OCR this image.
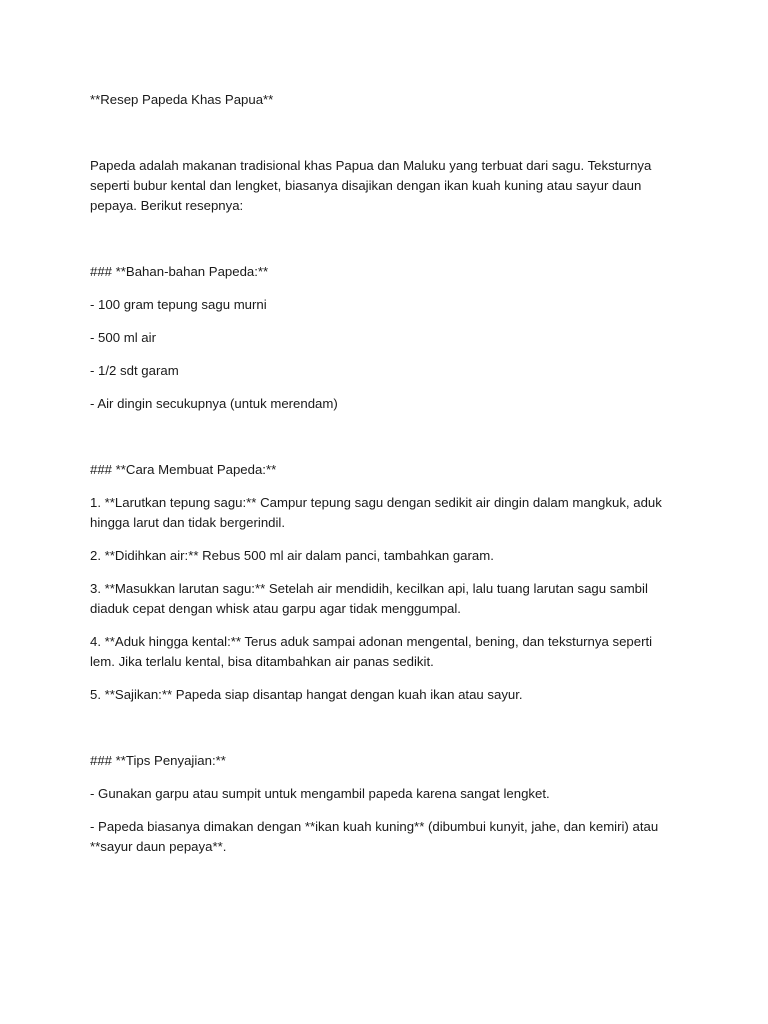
**Resep Papeda Khas Papua**

Papeda adalah makanan tradisional khas Papua dan Maluku yang terbuat dari sagu. Teksturnya seperti bubur kental dan lengket, biasanya disajikan dengan ikan kuah kuning atau sayur daun pepaya. Berikut resepnya:

### **Bahan-bahan Papeda:**

- 100 gram tepung sagu murni

- 500 ml air

- 1/2 sdt garam

- Air dingin secukupnya (untuk merendam)

### **Cara Membuat Papeda:**

1. **Larutkan tepung sagu:** Campur tepung sagu dengan sedikit air dingin dalam mangkuk, aduk hingga larut dan tidak bergerindil.

2. **Didihkan air:** Rebus 500 ml air dalam panci, tambahkan garam.

3. **Masukkan larutan sagu:** Setelah air mendidih, kecilkan api, lalu tuang larutan sagu sambil diaduk cepat dengan whisk atau garpu agar tidak menggumpal.

4. **Aduk hingga kental:** Terus aduk sampai adonan mengental, bening, dan teksturnya seperti lem. Jika terlalu kental, bisa ditambahkan air panas sedikit.

5. **Sajikan:** Papeda siap disantap hangat dengan kuah ikan atau sayur.

### **Tips Penyajian:**

- Gunakan garpu atau sumpit untuk mengambil papeda karena sangat lengket.

- Papeda biasanya dimakan dengan **ikan kuah kuning** (dibumbui kunyit, jahe, dan kemiri) atau **sayur daun pepaya**.
